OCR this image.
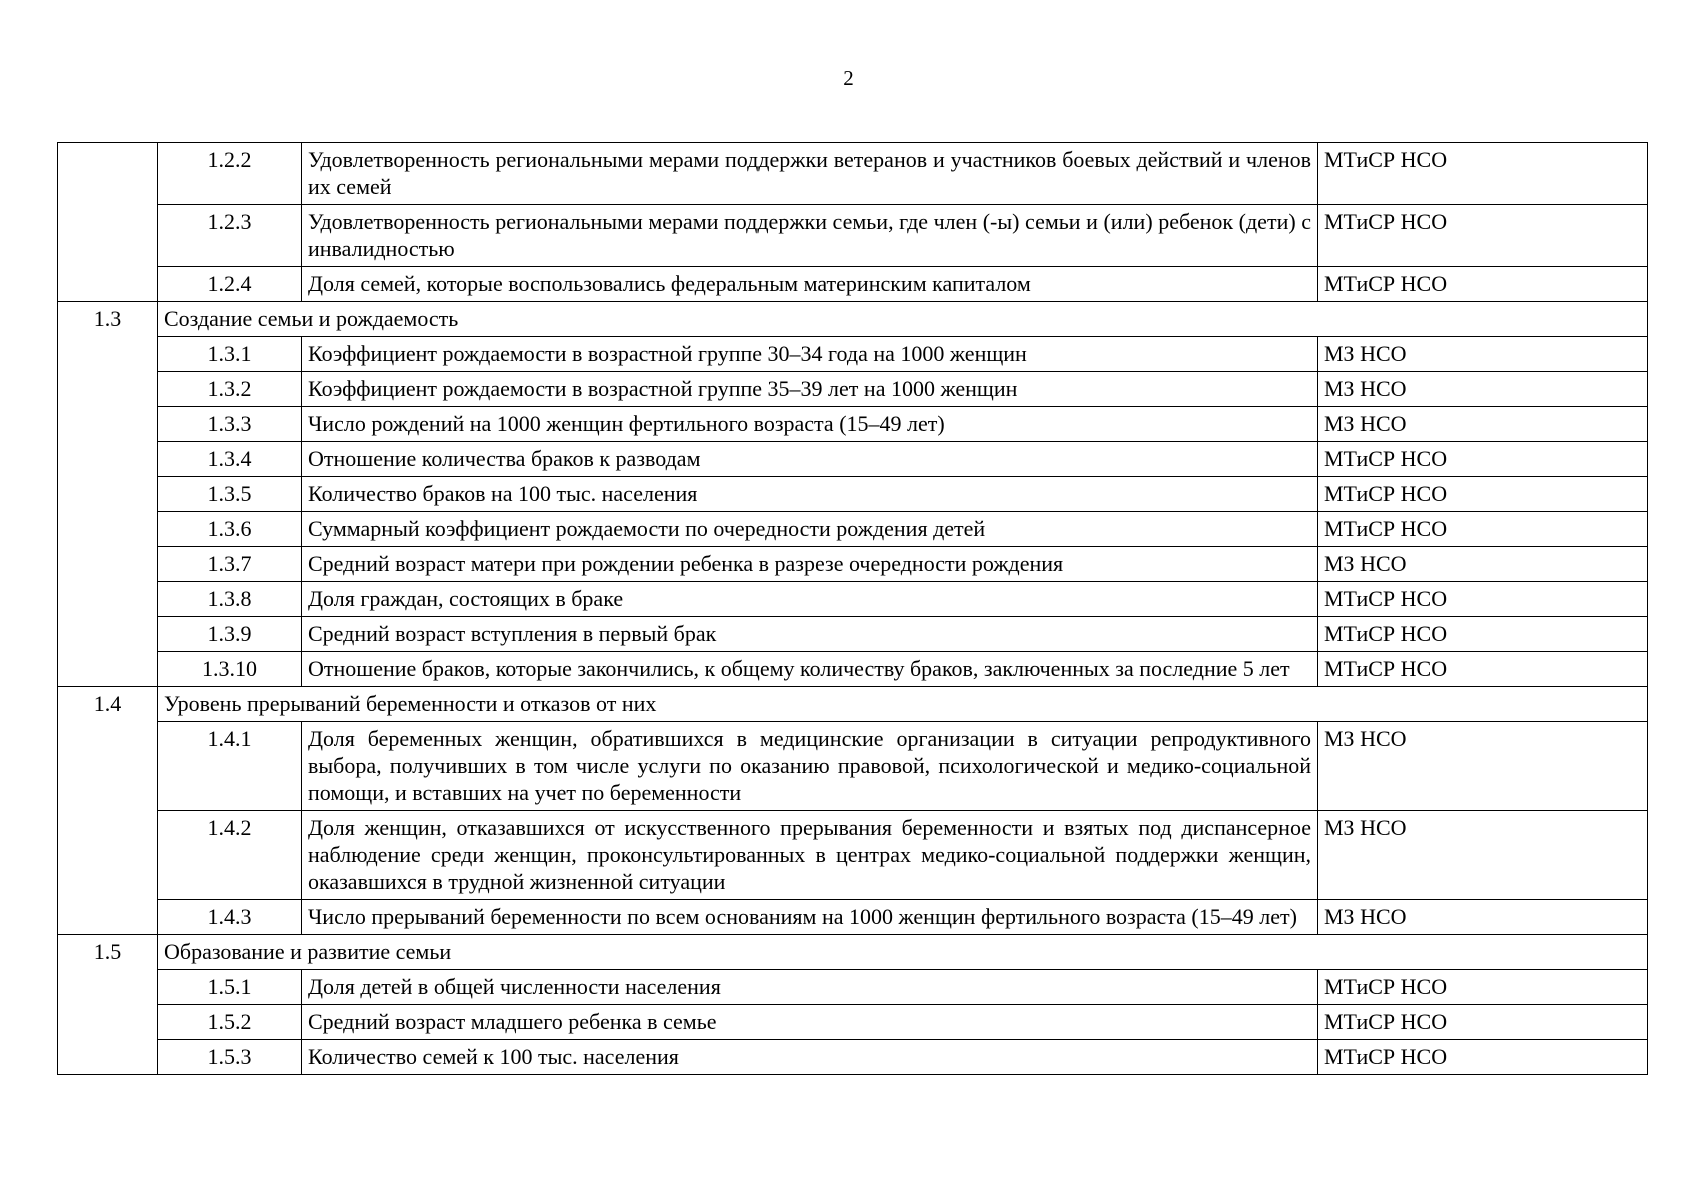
2
	1.2.2	Удовлетворенность региональными мерами поддержки ветеранов и участников боевых действий и членов их семей	МТиСР НСО
	1.2.3	Удовлетворенность региональными мерами поддержки семьи, где член (-ы) семьи и (или) ребенок (дети) с инвалидностью	МТиСР НСО
	1.2.4	Доля семей, которые воспользовались федеральным материнским капиталом	МТиСР НСО
1.3	Создание семьи и рождаемость		
	1.3.1	Коэффициент рождаемости в возрастной группе 30–34 года на 1000 женщин	МЗ НСО
	1.3.2	Коэффициент рождаемости в возрастной группе 35–39 лет на 1000 женщин	МЗ НСО
	1.3.3	Число рождений на 1000 женщин фертильного возраста (15–49 лет)	МЗ НСО
	1.3.4	Отношение количества браков к разводам	МТиСР НСО
	1.3.5	Количество браков на 100 тыс. населения	МТиСР НСО
	1.3.6	Суммарный коэффициент рождаемости по очередности рождения детей	МТиСР НСО
	1.3.7	Средний возраст матери при рождении ребенка в разрезе очередности рождения	МЗ НСО
	1.3.8	Доля граждан, состоящих в браке	МТиСР НСО
	1.3.9	Средний возраст вступления в первый брак	МТиСР НСО
	1.3.10	Отношение браков, которые закончились, к общему количеству браков, заключенных за последние 5 лет	МТиСР НСО
1.4	Уровень прерываний беременности и отказов от них		
	1.4.1	Доля беременных женщин, обратившихся в медицинские организации в ситуации репродуктивного выбора, получивших в том числе услуги по оказанию правовой, психологической и медико-социальной помощи, и вставших на учет по беременности	МЗ НСО
	1.4.2	Доля женщин, отказавшихся от искусственного прерывания беременности и взятых под диспансерное наблюдение среди женщин, проконсультированных в центрах медико-социальной поддержки женщин, оказавшихся в трудной жизненной ситуации	МЗ НСО
	1.4.3	Число прерываний беременности по всем основаниям на 1000 женщин фертильного возраста (15–49 лет)	МЗ НСО
1.5	Образование и развитие семьи		
	1.5.1	Доля детей в общей численности населения	МТиСР НСО
	1.5.2	Средний возраст младшего ребенка в семье	МТиСР НСО
	1.5.3	Количество семей к 100 тыс. населения	МТиСР НСО
